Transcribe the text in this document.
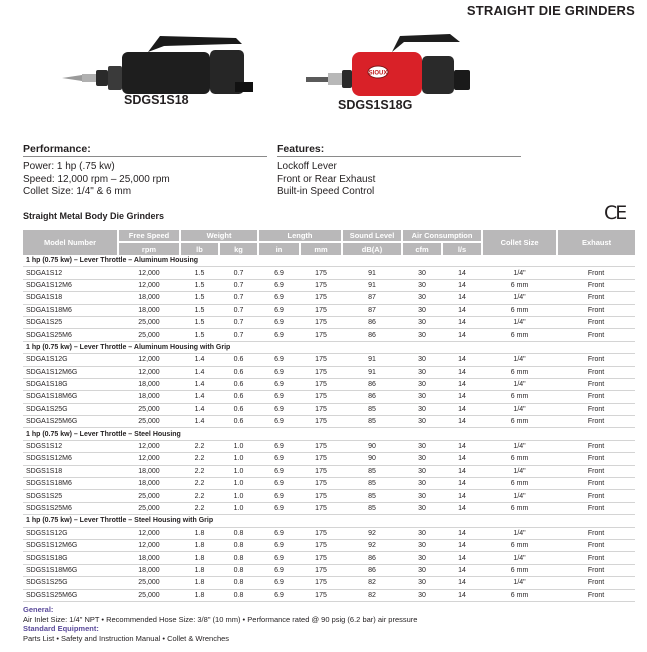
STRAIGHT DIE GRINDERS
SDGS1S18
SIOUX
SDGS1S18G
Performance:
Power: 1 hp (.75 kw)
Speed: 12,000 rpm – 25,000 rpm
Collet Size: 1/4" & 6 mm
Features:
Lockoff Lever
Front or Rear Exhaust
Built-in Speed Control
Straight Metal Body Die Grinders	CE
Model Number	Free Speed	Weight		Length		Sound Level	Air Consumption		Collet Size	Exhaust
	rpm	lb	kg	in	mm	dB(A)	cfm	l/s		
1 hp (0.75 kw) – Lever Throttle – Aluminum Housing										
SDGA1S12	12,000	1.5	0.7	6.9	175	91	30	14	1/4"	Front
SDGA1S12M6	12,000	1.5	0.7	6.9	175	91	30	14	6 mm	Front
SDGA1S18	18,000	1.5	0.7	6.9	175	87	30	14	1/4"	Front
SDGA1S18M6	18,000	1.5	0.7	6.9	175	87	30	14	6 mm	Front
SDGA1S25	25,000	1.5	0.7	6.9	175	86	30	14	1/4"	Front
SDGA1S25M6	25,000	1.5	0.7	6.9	175	86	30	14	6 mm	Front
1 hp (0.75 kw) – Lever Throttle – Aluminum Housing with Grip										
SDGA1S12G	12,000	1.4	0.6	6.9	175	91	30	14	1/4"	Front
SDGA1S12M6G	12,000	1.4	0.6	6.9	175	91	30	14	6 mm	Front
SDGA1S18G	18,000	1.4	0.6	6.9	175	86	30	14	1/4"	Front
SDGA1S18M6G	18,000	1.4	0.6	6.9	175	86	30	14	6 mm	Front
SDGA1S25G	25,000	1.4	0.6	6.9	175	85	30	14	1/4"	Front
SDGA1S25M6G	25,000	1.4	0.6	6.9	175	85	30	14	6 mm	Front
1 hp (0.75 kw) – Lever Throttle – Steel Housing										
SDGS1S12	12,000	2.2	1.0	6.9	175	90	30	14	1/4"	Front
SDGS1S12M6	12,000	2.2	1.0	6.9	175	90	30	14	6 mm	Front
SDGS1S18	18,000	2.2	1.0	6.9	175	85	30	14	1/4"	Front
SDGS1S18M6	18,000	2.2	1.0	6.9	175	85	30	14	6 mm	Front
SDGS1S25	25,000	2.2	1.0	6.9	175	85	30	14	1/4"	Front
SDGS1S25M6	25,000	2.2	1.0	6.9	175	85	30	14	6 mm	Front
1 hp (0.75 kw) – Lever Throttle – Steel Housing with Grip										
SDGS1S12G	12,000	1.8	0.8	6.9	175	92	30	14	1/4"	Front
SDGS1S12M6G	12,000	1.8	0.8	6.9	175	92	30	14	6 mm	Front
SDGS1S18G	18,000	1.8	0.8	6.9	175	86	30	14	1/4"	Front
SDGS1S18M6G	18,000	1.8	0.8	6.9	175	86	30	14	6 mm	Front
SDGS1S25G	25,000	1.8	0.8	6.9	175	82	30	14	1/4"	Front
SDGS1S25M6G	25,000	1.8	0.8	6.9	175	82	30	14	6 mm	Front
General:
Air Inlet Size: 1/4" NPT • Recommended Hose Size: 3/8" (10 mm) • Performance rated @ 90 psig (6.2 bar) air pressure
Standard Equipment:
Parts List • Safety and Instruction Manual • Collet & Wrenches
